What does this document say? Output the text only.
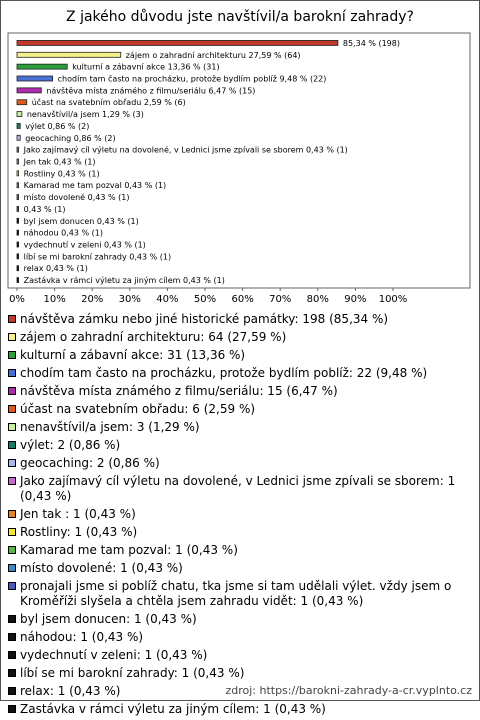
Z jakého důvodu jste navštívil/a barokní zahrady?
85,34 % (198)
zájem o zahradní architekturu 27,59 % (64)
kulturní a zábavní akce 13,36 % (31)
chodím tam často na procházku, protože bydlím poblíž 9,48 % (22)
návštěva místa známého z filmu/seriálu 6,47 % (15)
účast na svatebním obřadu 2,59 % (6)
nenavštívil/a jsem 1,29 % (3)
výlet 0,86 % (2)
geocaching 0,86 % (2)
Jako zajímavý cíl výletu na dovolené, v Lednici jsme zpívali se sborem 0,43 % (1)
Jen tak 0,43 % (1)
Rostliny 0,43 % (1)
Kamarad me tam pozval 0,43 % (1)
místo dovolené 0,43 % (1)
0,43 % (1)
byl jsem donucen 0,43 % (1)
náhodou 0,43 % (1)
vydechnutí v zeleni 0,43 % (1)
líbí se mi barokní zahrady 0,43 % (1)
relax 0,43 % (1)
Zastávka v rámci výletu za jiným cílem 0,43 % (1)
0% 10% 20% 30% 40% 50% 60% 70% 80% 90% 100%
návštěva zámku nebo jiné historické památky: 198 (85,34 %)
zájem o zahradní architekturu: 64 (27,59 %)
kulturní a zábavní akce: 31 (13,36 %)
chodím tam často na procházku, protože bydlím poblíž: 22 (9,48 %)
návštěva místa známého z filmu/seriálu: 15 (6,47 %)
účast na svatebním obřadu: 6 (2,59 %)
nenavštívil/a jsem: 3 (1,29 %)
výlet: 2 (0,86 %)
geocaching: 2 (0,86 %)
Jako zajímavý cíl výletu na dovolené, v Lednici jsme zpívali se sborem: 1 (0,43 %)
Jen tak : 1 (0,43 %)
Rostliny: 1 (0,43 %)
Kamarad me tam pozval: 1 (0,43 %)
místo dovolené: 1 (0,43 %)
pronajali jsme si poblíž chatu, tka jsme si tam udělali výlet. vždy jsem o Kroměříži slyšela a chtěla jsem zahradu vidět: 1 (0,43 %)
byl jsem donucen: 1 (0,43 %)
náhodou: 1 (0,43 %)
vydechnutí v zeleni: 1 (0,43 %)
líbí se mi barokní zahrady: 1 (0,43 %)
relax: 1 (0,43 %)
Zastávka v rámci výletu za jiným cílem: 1 (0,43 %)
zdroj: https://barokni-zahrady-a-cr.vyplnto.cz
